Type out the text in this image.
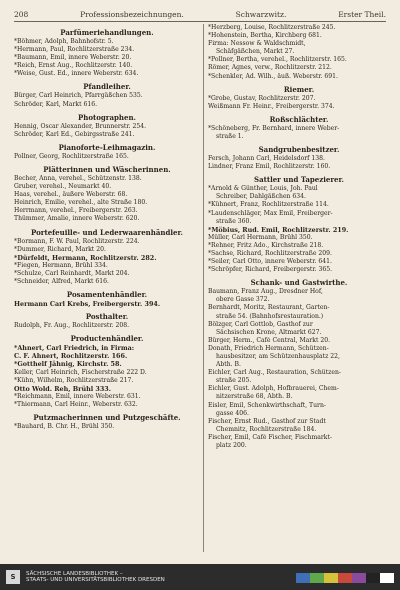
208	Professionsbezeichnungen.	Schwarzwitz.	Erster Theil.
Parfümeriehandlungen.
*Böhmer, Adolph, Bahnhofstr. 5.
*Hermann, Paul, Rochlitzerstraße 234.
*Baumann, Emil, innere Weberstr. 20.
*Reich, Ernst Aug., Rochlitzerstr. 140.
*Weise, Gust. Ed., innere Weberstr. 634.
Pfandleiher.
Bürger, Carl Heinrich, Pfarrgäßchen 535.
Schröder, Karl, Markt 616.
Photographen.
Hennig, Oscar Alexander, Brunnerstr. 254.
Schröder, Karl Ed., Gebirgsstraße 241.
Pianoforte-Leihmagazin.
Pollner, Georg, Rochlitzerstraße 165.
Plätterinnen und Wäscherinnen.
Becher, Anna, verehel., Schützenstr. 138.
Gruber, verehel., Neumarkt 40.
Haas, verehel., äußere Weberstr. 68.
Heinrich, Emilie, verehel., alte Straße 180.
Herrmann, verehel., Freibergerstr. 263.
Thümmer, Amalie, innere Weberstr. 620.
Portefeuille- und Lederwaarenhändler.
*Bormann, F. W. Paul, Rochlitzerstr. 224.
*Dummer, Richard, Markt 20.
*Dürfeldt, Hermann, Rochlitzerstr. 282.
*Fiegen, Hermann, Brühl 334.
*Schulze, Carl Reinhardt, Markt 204.
*Schneider, Alfred, Markt 616.
Posamentenhändler.
Hermann Carl Krebs, Freibergerstr. 394.
Posthalter.
Rudolph, Fr. Aug., Rochlitzerstr. 208.
Productenhändler.
*Ahnert, Carl Friedrich, in Firma:
C. F. Ahnert, Rochlitzerstr. 166.
*Gotthelf Jähnig, Kirchstr. 58.
Keller, Carl Heinrich, Fischerstraße 222 D.
*Kühn, Wilhelm, Rochlitzerstraße 217.
Otto Wold. Reh, Brühl 333.
*Reichmann, Emil, innere Weberstr. 631.
*Thiermann, Carl Heinr., Weberstr. 632.
Putzmacherinnen und Putzgeschäfte.
*Bauhard, B. Chr. H., Brühl 350.
*Herzberg, Louise, Rochlitzerstraße 245.
*Hohenstein, Bertha, Kirchberg 681.
Firma: Nessow & Waldschmidt,
Schäfgäßchen, Markt 27.
*Pollner, Bertha, verehel., Rochlitzerstr. 165.
Römer, Agnes, verw., Rochlitzerstr. 212.
*Schenkler, Ad. Wilh., äuß. Weberstr. 691.
Riemer.
*Grobe, Gustav, Rochlitzerstr. 207.
Weißmann Fr. Heinr., Freibergerstr. 374.
Roßschlächter.
*Schöneberg, Fr. Bernhard, innere Weber-
straße 1.
Sandgrubenbesitzer.
Fersch, Johann Carl, Heidelsdorf 138.
Lindner, Franz Emil, Rochlitzerstr. 160.
Sattler und Tapezierer.
*Arnold & Günther, Louis, Joh. Paul
Schreiber, Dahlgäßchen 634.
*Kühnert, Franz, Rochlitzerstraße 114.
*Laudenschläger, Max Emil, Freiberger-
straße 360.
*Möbius, Rud. Emil, Rochlitzerstr. 219.
Müller, Carl Hermann, Brühl 350.
*Rehner, Fritz Ado., Kirchstraße 218.
*Sachse, Richard, Rochlitzerstraße 209.
*Seiler, Carl Otto, innere Weberstr. 641.
*Schröpfer, Richard, Freibergerstr. 365.
Schank- und Gastwirthe.
Baumann, Franz Aug., Dresdner Hof,
obere Gasse 372.
Bernhardt, Moritz, Restaurant, Garten-
straße 54. (Bahnhofsrestauration.)
Bölzger, Carl Gottlob, Gasthof zur
Sächsischen Krone, Altmarkt 627.
Bürger, Herm., Café Central, Markt 20.
Donath, Friedrich Hermann, Schützen-
hausbesitzer, am Schützenhausplatz 22,
Abth. B.
Eichler, Carl Aug., Restauration, Schützen-
straße 205.
Eichler, Gust. Adolph, Hofbrauerei, Chem-
nitzerstraße 68, Abth. B.
Eisler, Emil, Schenkwirthschaft, Turn-
gasse 406.
Fischer, Ernst Rud., Gasthof zur Stadt
Chemnitz, Rochlitzerstraße 184.
Fischer, Emil, Café Fischer, Fischmarkt-
platz 200.
S	SÄCHSISCHE LANDESBIBLIOTHEK –
STAATS- UND UNIVERSITÄTSBIBLIOTHEK DRESDEN
